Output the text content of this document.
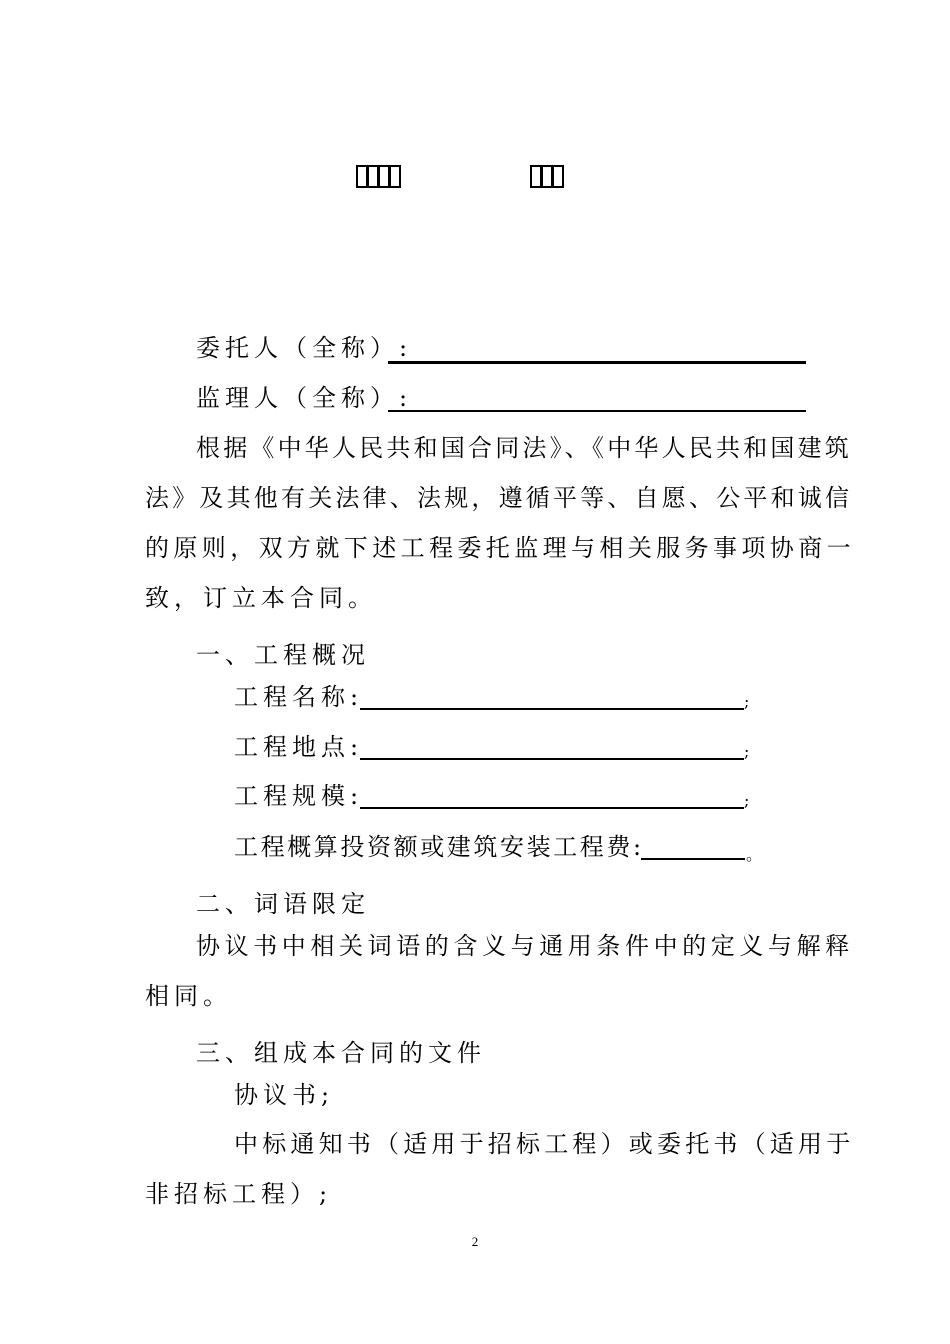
委托人（全称）:
监理人（全称）:
根据《中华人民共和国合同法》、《中华人民共和国建筑
法》及其他有关法律、法规，遵循平等、自愿、公平和诚信
的原则，双方就下述工程委托监理与相关服务事项协商一
致，订立本合同。
一、工程概况
工程名称:	;
工程地点:	;
工程规模:	;
工程概算投资额或建筑安装工程费:	。
二、词语限定
协议书中相关词语的含义与通用条件中的定义与解释
相同。
三、组成本合同的文件
协议书;
中标通知书（适用于招标工程）或委托书（适用于
非招标工程）;
2
